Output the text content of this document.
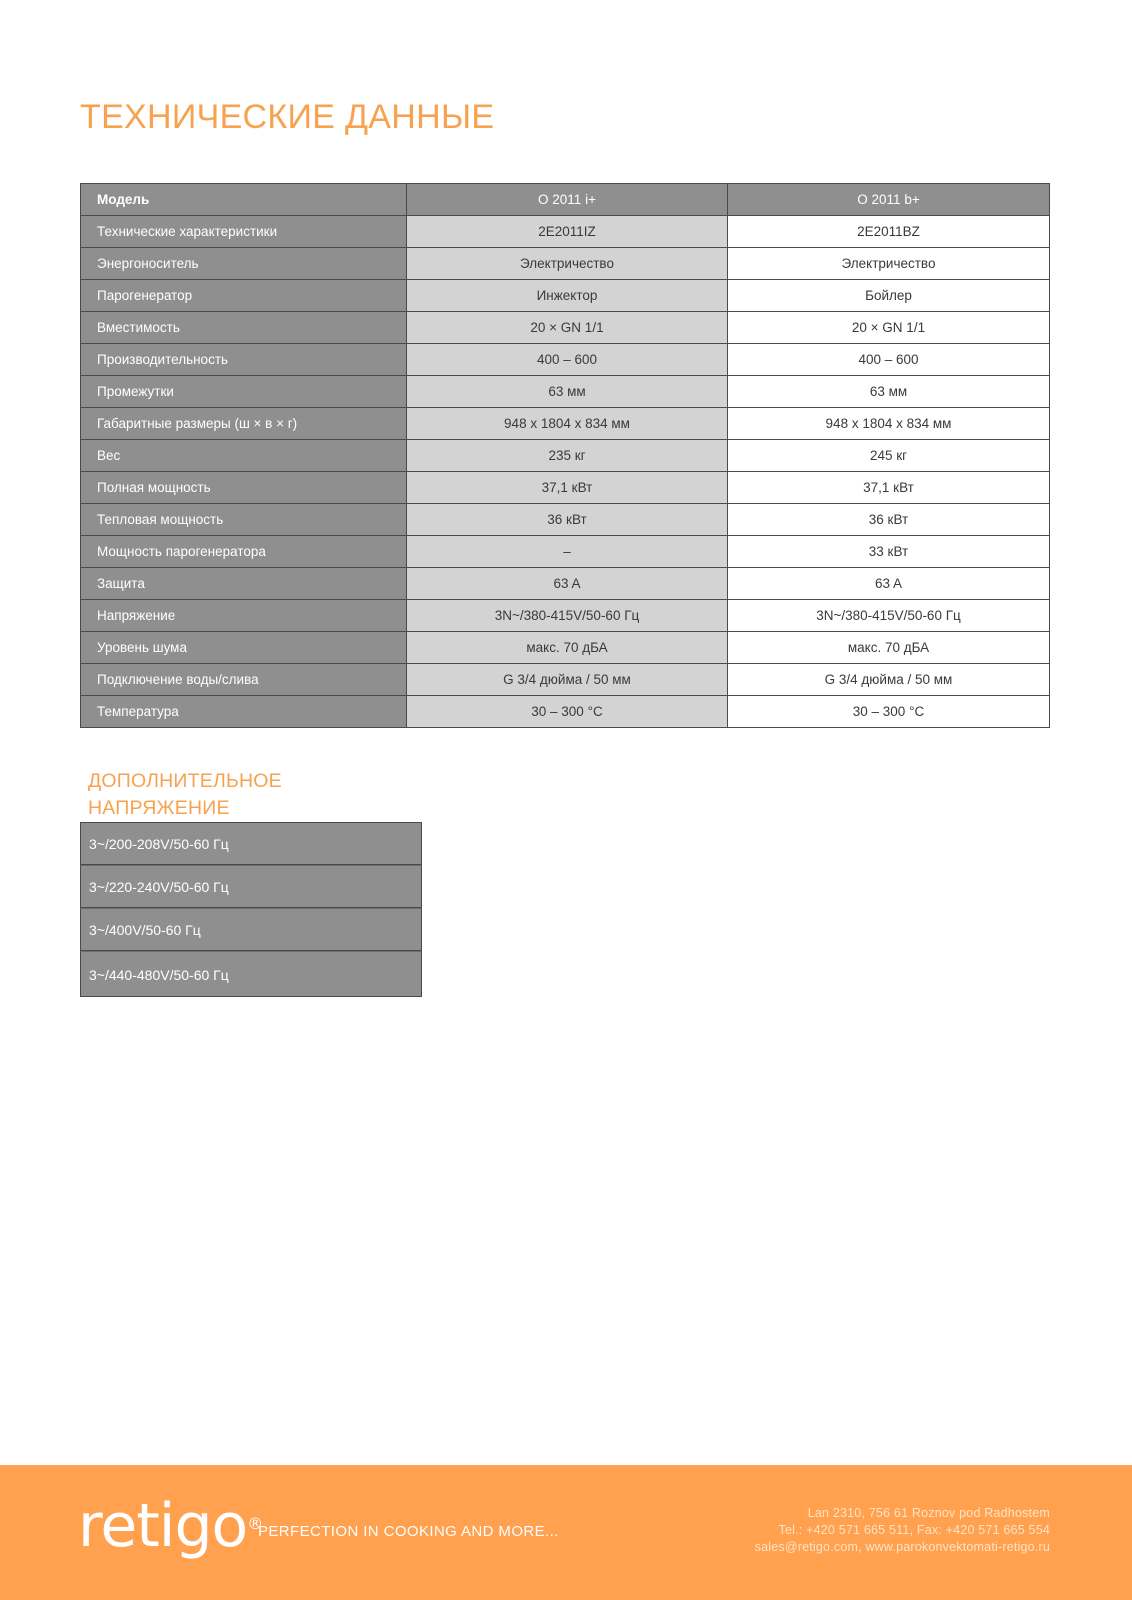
ТЕХНИЧЕСКИЕ ДАННЫЕ
Модель	O 2011 i+	O 2011 b+
Технические характеристики	2E2011IZ	2E2011BZ
Энергоноситель	Электричество	Электричество
Парогенератор	Инжектор	Бойлер
Вместимость	20 × GN 1/1	20 × GN 1/1
Производительность	400 – 600	400 – 600
Промежутки	63 мм	63 мм
Габаритные размеры (ш × в × г)	948 x 1804 x 834 мм	948 x 1804 x 834 мм
Вес	235 кг	245 кг
Полная мощность	37,1 кВт	37,1 кВт
Тепловая мощность	36 кВт	36 кВт
Мощность парогенератора	–	33 кВт
Защита	63 A	63 A
Напряжение	3N~/380-415V/50-60 Гц	3N~/380-415V/50-60 Гц
Уровень шума	макс. 70 дБА	макс. 70 дБА
Подключение воды/слива	G 3/4 дюйма / 50 мм	G 3/4 дюйма / 50 мм
Температура	30 – 300 °C	30 – 300 °C
ДОПОЛНИТЕЛЬНОЕ
НАПРЯЖЕНИЕ
3~/200-208V/50-60 Гц
3~/220-240V/50-60 Гц
3~/400V/50-60 Гц
3~/440-480V/50-60 Гц
retigo ®
PERFECTION IN COOKING AND MORE...
Lan 2310, 756 61 Roznov pod Radhostem
Tel.: +420 571 665 511, Fax: +420 571 665 554
sales@retigo.com, www.parokonvektomati-retigo.ru
